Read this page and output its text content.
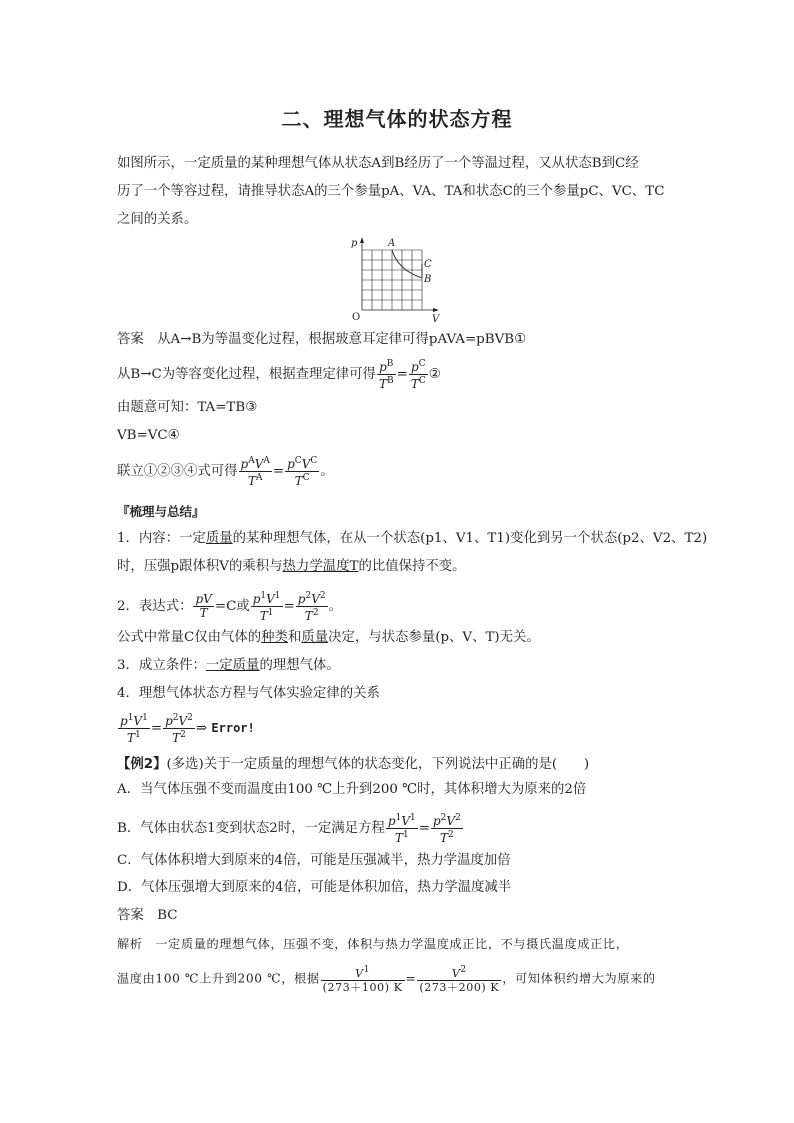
二、理想气体的状态方程
如图所示，一定质量的某种理想气体从状态A到B经历了一个等温过程，又从状态B到C经
历了一个等容过程，请推导状态A的三个参量pA、VA、TA和状态C的三个参量pC、VC、TC
之间的关系。
p
V
O
A
B
C
答案　 从A→B为等温变化过程，根据玻意耳定律可得pAVA=pBVB①
从B→C为等容变化过程，根据查理定律可得 $\frac{p^B}{T^B} = \frac{p^C}{T^C}$ ②
由题意可知：TA=TB③
VB=VC④
联立①②③④式可得 $\frac{p^AV^A}{T^A} = \frac{p^CV^C}{T^C}$ 。
『梳理与总结』
1．内容：一定质量的某种理想气体，在从一个状态(p1、V1、T1)变化到另一个状态(p2、V2、T2)
时，压强p跟体积V的乘积与热力学温度T的比值保持不变。
2．表达式： $\frac{pV}{T} =C$或 $\frac{p^1V^1}{T^1} = \frac{p^2V^2}{T^2}$ 。
公式中常量C仅由气体的种类和质量决定，与状态参量(p、V、T)无关。
3．成立条件：一定质量的理想气体。
4．理想气体状态方程与气体实验定律的关系
$\frac{p^1V^1}{T^1} = \frac{p^2V^2}{T^2}$ ⇒ Error!
【例2】(多选)关于一定质量的理想气体的状态变化，下列说法中正确的是(　　)
A．当气体压强不变而温度由100 ℃上升到200 ℃时，其体积增大为原来的2倍
B．气体由状态1变到状态2时，一定满足方程 $\frac{p^1V^1}{T^1} = \frac{p^2V^2}{T^2}$
C．气体体积增大到原来的4倍，可能是压强减半，热力学温度加倍
D．气体压强增大到原来的4倍，可能是体积加倍，热力学温度减半
答案　 BC
解析　 一定质量的理想气体，压强不变，体积与热力学温度成正比，不与摄氏温度成正比，
温度由100 ℃上升到200 ℃，根据 $\frac{V^1}{(273+100) K} = \frac{V^2}{(273+200) K}$ ，可知体积约增大为原来的
